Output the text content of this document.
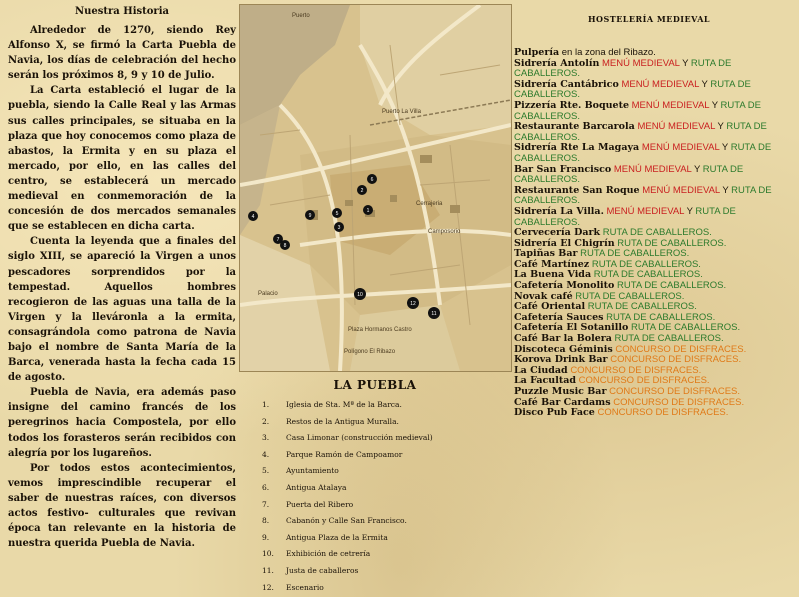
Nuestra Historia

Alrededor de 1270, siendo Rey Alfonso X, se firmó la Carta Puebla de Navia, los días de celebración del hecho serán los próximos 8, 9 y 10 de Julio.

La Carta estableció el lugar de la puebla, siendo la Calle Real y las Armas sus calles principales, se situaba en la plaza que hoy conocemos como plaza de abastos, la Ermita y en su plaza el mercado, por ello, en las calles del centro, se establecerá un mercado medieval en conmemoración de la concesión de dos mercados semanales que se establecen en dicha carta.

Cuenta la leyenda que a finales del siglo XIII, se apareció la Virgen a unos pescadores sorprendidos por la tempestad. Aquellos hombres recogieron de las aguas una talla de la Virgen y la lleváronla a la ermita, consagrándola como patrona de Navia bajo el nombre de Santa María de la Barca, venerada hasta la fecha cada 15 de agosto.

Puebla de Navia, era además paso insigne del camino francés de los peregrinos hacia Compostela, por ello todos los forasteros serán recibidos con alegría por los lugareños.

Por todos estos acontecimientos, vemos imprescindible recuperar el saber de nuestras raíces, con diversos actos festivo- culturales que revivan época tan relevante en la historia de nuestra querida Puebla de Navia.

Puerto
Puerto La Villa
Polígono El Ribazo
Cerrajeria
Palacio
Camposorio
Plaza Hormanos Castro
1
2
3
4	5
6
7
8
9
10
11
12
LA PUEBLA
1. Iglesia de Sta. Mª de la Barca.
2. Restos de la Antigua Muralla.
3. Casa Limonar (construcción medieval)
4. Parque Ramón de Campoamor
5. Ayuntamiento
6. Antigua Atalaya
7. Puerta del Ribero
8. Cabanón y Calle San Francisco.
9. Antigua Plaza de la Ermita
10. Exhibición de cetrería
11. Justa de caballeros
12. Escenario
HOSTELERÍA MEDIEVAL
Pulpería en la zona del Ribazo.
Sidrería Antolín MENÚ MEDIEVAL Y RUTA DE CABALLEROS.
Sidrería Cantábrico MENÚ MEDIEVAL Y RUTA DE CABALLEROS.
Pizzería Rte. Boquete MENÚ MEDIEVAL Y RUTA DE CABALLEROS.
Restaurante Barcarola MENÚ MEDIEVAL Y RUTA DE CABALLEROS.
Sidrería Rte La Magaya MENÚ MEDIEVAL Y RUTA DE CABALLEROS.
Bar San Francisco MENÚ MEDIEVAL Y RUTA DE CABALLEROS.
Restaurante San Roque MENÚ MEDIEVAL Y RUTA DE CABALLEROS.
Sidrería La Villa. MENÚ MEDIEVAL Y RUTA DE CABALLEROS.
Cervecería Dark RUTA DE CABALLEROS.
Sidrería El Chigrín RUTA DE CABALLEROS.
Tapiñas Bar RUTA DE CABALLEROS.
Café Martínez RUTA DE CABALLEROS.
La Buena Vida RUTA DE CABALLEROS.
Cafetería Monolito RUTA DE CABALLEROS.
Novak café RUTA DE CABALLEROS.
Café Oriental RUTA DE CABALLEROS.
Cafetería Sauces RUTA DE CABALLEROS.
Cafetería El Sotanillo RUTA DE CABALLEROS.
Café Bar la Bolera RUTA DE CABALLEROS.
Discoteca Géminis CONCURSO DE DISFRACES.
Korova Drink Bar CONCURSO DE DISFRACES.
La Ciudad CONCURSO DE DISFRACES.
La Facultad CONCURSO DE DISFRACES.
Puzzle Music Bar CONCURSO DE DISFRACES.
Café Bar Cardams CONCURSO DE DISFRACES.
Disco Pub Face CONCURSO DE DISFRACES.
